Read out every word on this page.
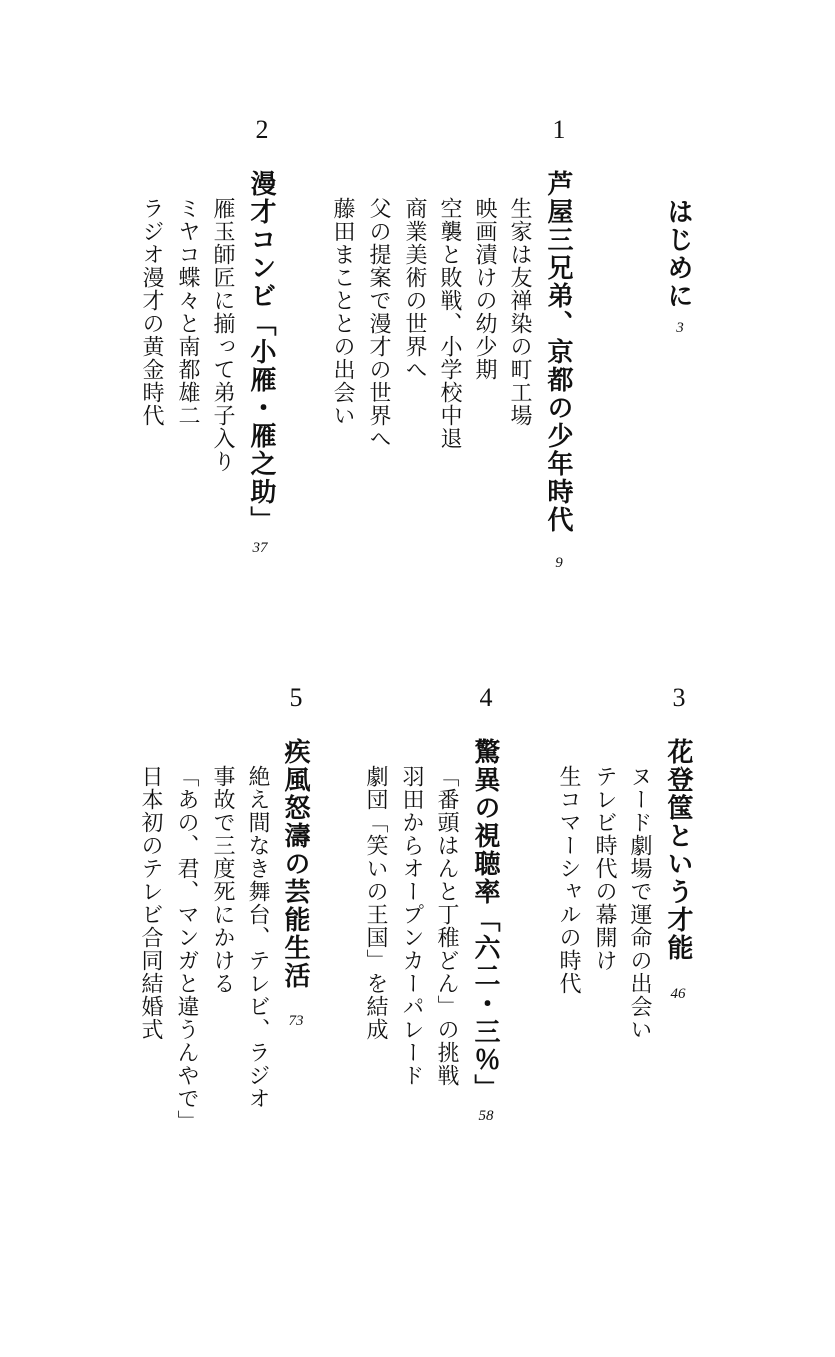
はじめに
3
1
芦屋三兄弟、京都の少年時代
9
生家は友禅染の町工場
映画漬けの幼少期
空襲と敗戦、小学校中退
商業美術の世界へ
父の提案で漫才の世界へ
藤田まこととの出会い
2
漫才コンビ「小雁・雁之助」
37
雁玉師匠に揃って弟子入り
ミヤコ蝶々と南都雄二
ラジオ漫才の黄金時代
3
花登筺という才能
46
ヌード劇場で運命の出会い
テレビ時代の幕開け
生コマーシャルの時代
4
驚異の視聴率「六二・三％」
58
「番頭はんと丁稚どん」の挑戦
羽田からオープンカーパレード
劇団「笑いの王国」を結成
5
疾風怒濤の芸能生活
73
絶え間なき舞台、テレビ、ラジオ
事故で三度死にかける
「あの、君、マンガと違うんやで」
日本初のテレビ合同結婚式
